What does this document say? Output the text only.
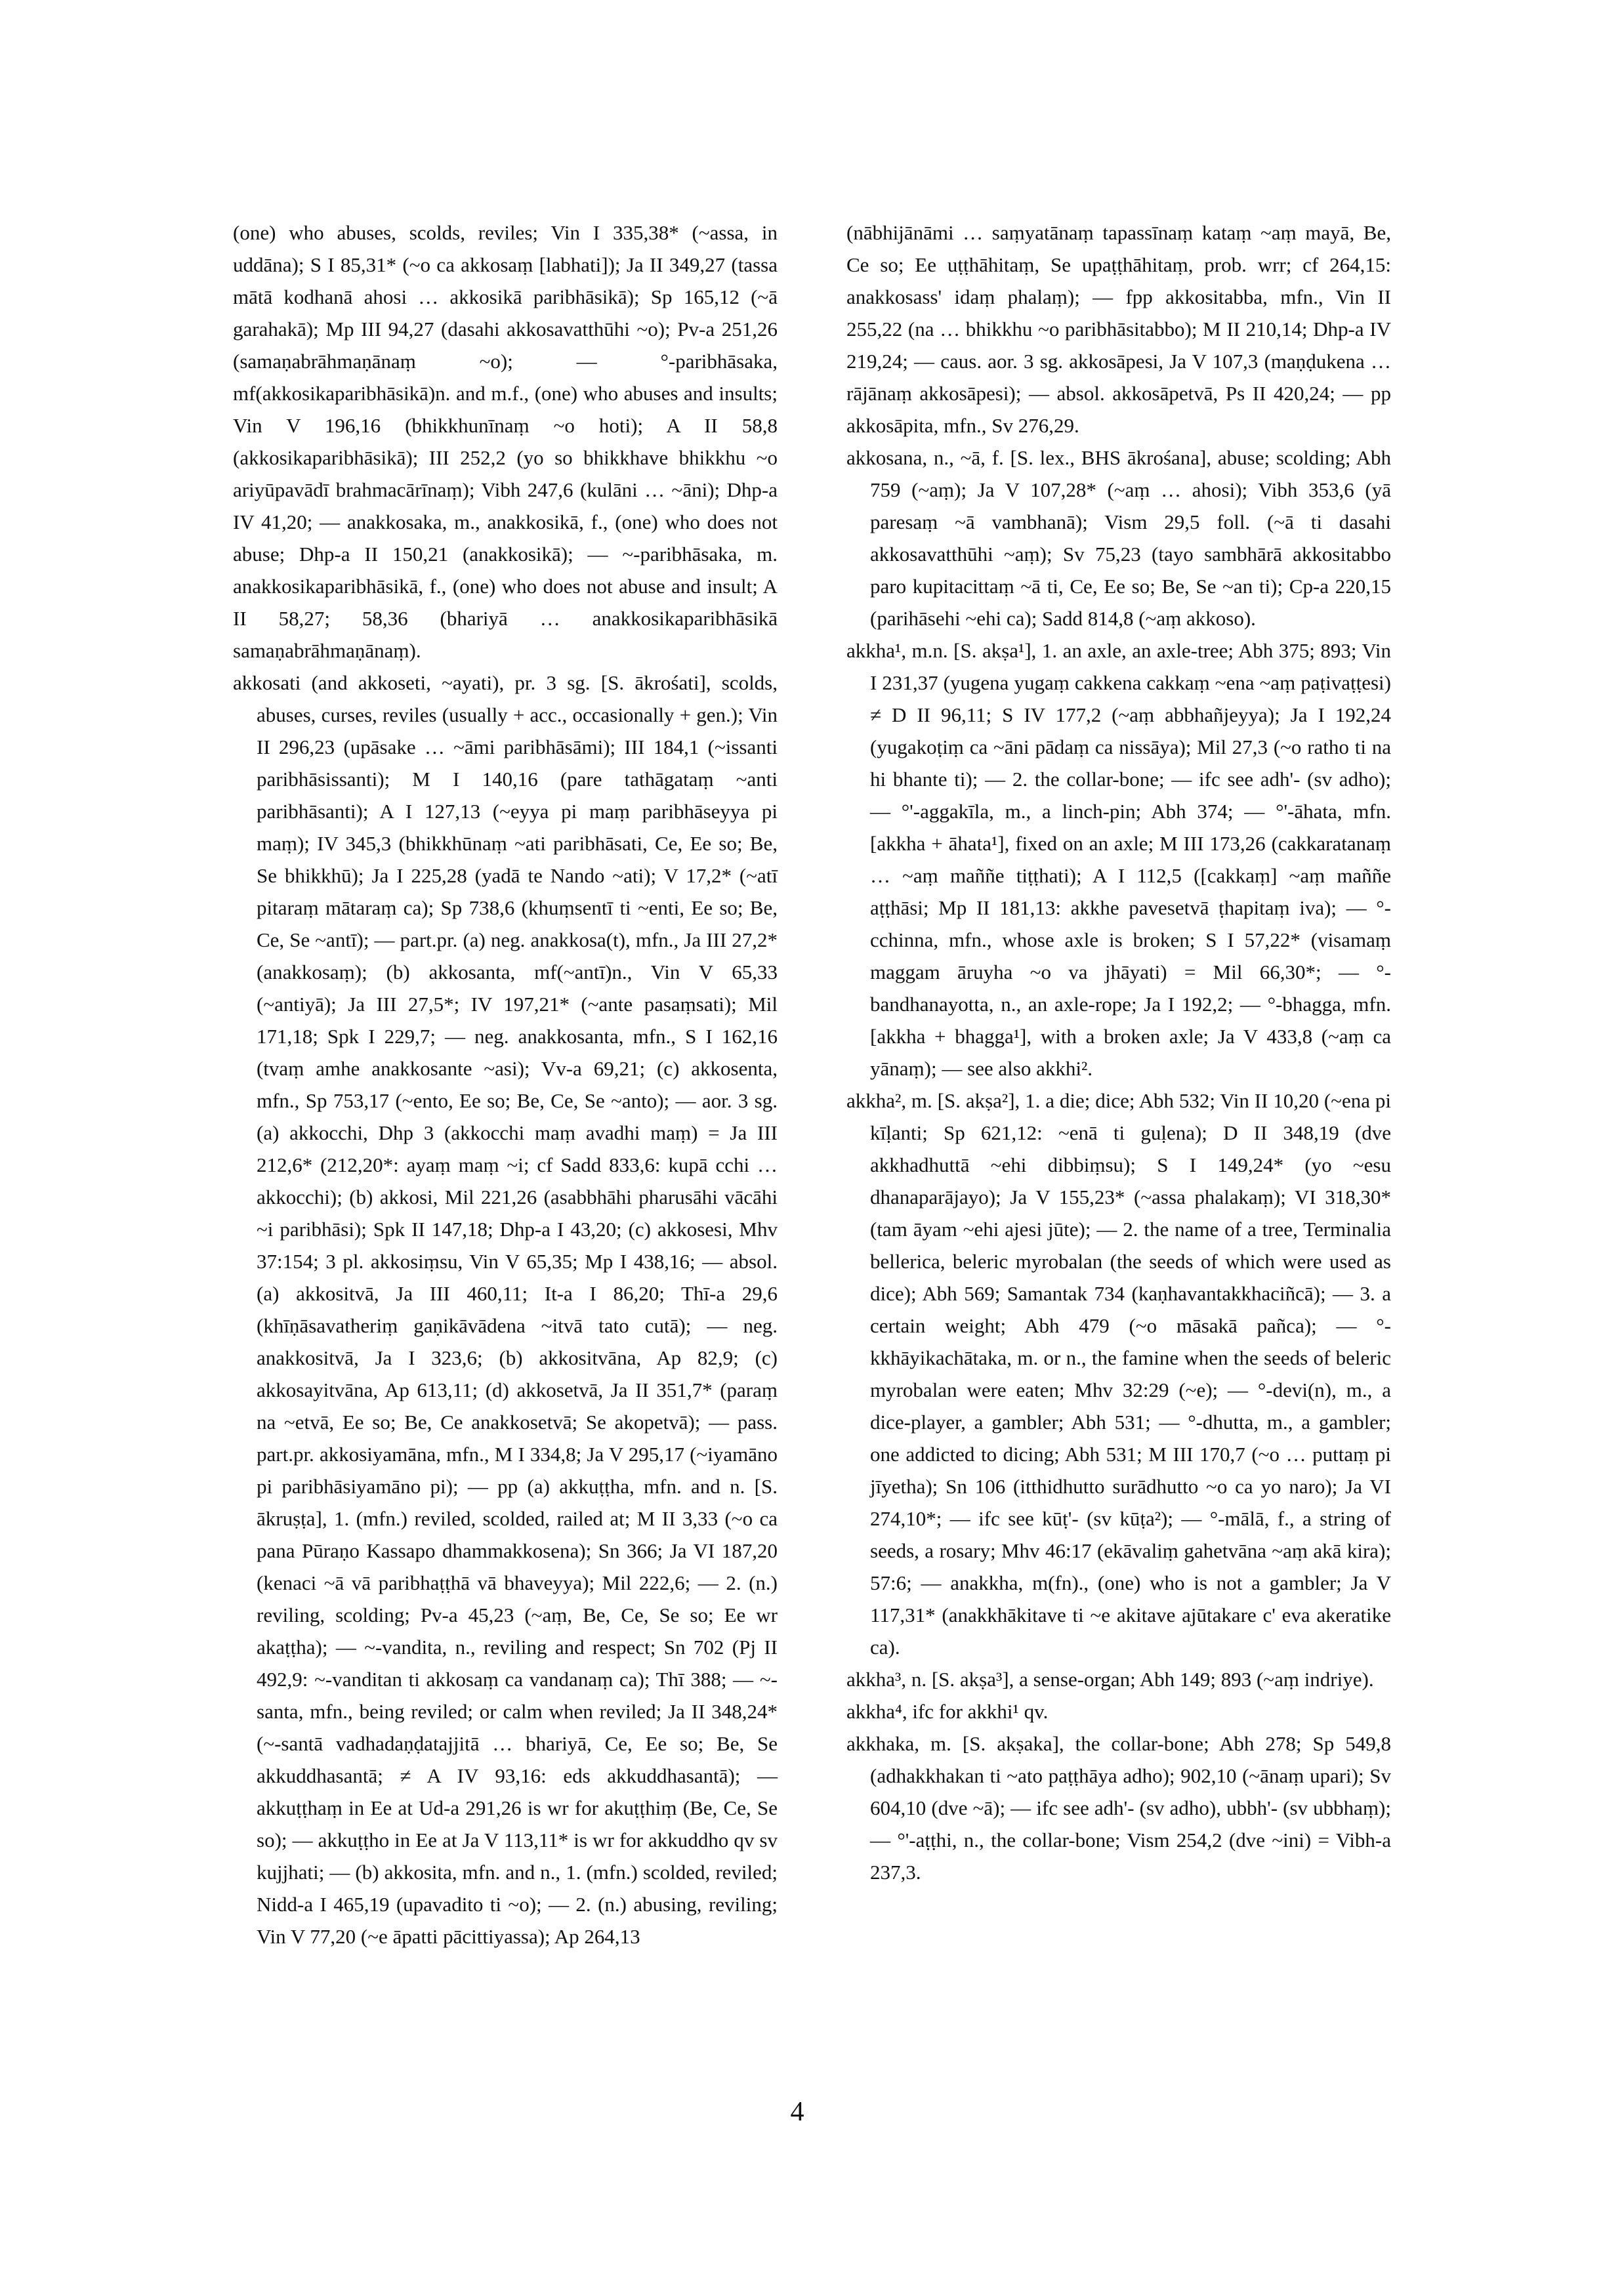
(one) who abuses, scolds, reviles; Vin I 335,38* (~assa, in uddāna); S I 85,31* (~o ca akkosaṃ [labhati]); Ja II 349,27 (tassa mātā kodhanā ahosi … akkosikā paribhāsikā); Sp 165,12 (~ā garahakā); Mp III 94,27 (dasahi akkosavatthūhi ~o); Pv-a 251,26 (samaṇabrāhmaṇānaṃ ~o); — °-paribhāsaka, mf(akkosikaparibhāsikā)n. and m.f., (one) who abuses and insults; Vin V 196,16 (bhikkhunīnaṃ ~o hoti); A II 58,8 (akkosikaparibhāsikā); III 252,2 (yo so bhikkhave bhikkhu ~o ariyūpavādī brahmacārīnaṃ); Vibh 247,6 (kulāni … ~āni); Dhp-a IV 41,20; — anakkosaka, m., anakkosikā, f., (one) who does not abuse; Dhp-a II 150,21 (anakkosikā); — ~-paribhāsaka, m. anakkosikaparibhāsikā, f., (one) who does not abuse and insult; A II 58,27; 58,36 (bhariyā … anakkosikaparibhāsikā samaṇabrāhmaṇānaṃ).

akkosati (and akkoseti, ~ayati), pr. 3 sg. [S. ākrośati], scolds, abuses, curses, reviles (usually + acc., occasionally + gen.); Vin II 296,23 (upāsake … ~āmi paribhāsāmi); III 184,1 (~issanti paribhāsissanti); M I 140,16 (pare tathāgataṃ ~anti paribhāsanti); A I 127,13 (~eyya pi maṃ paribhāseyya pi maṃ); IV 345,3 (bhikkhūnaṃ ~ati paribhāsati, Ce, Ee so; Be, Se bhikkhū); Ja I 225,28 (yadā te Nando ~ati); V 17,2* (~atī pitaraṃ mātaraṃ ca); Sp 738,6 (khuṃsentī ti ~enti, Ee so; Be, Ce, Se ~antī); — part.pr. (a) neg. anakkosa(t), mfn., Ja III 27,2* (anakkosaṃ); (b) akkosanta, mf(~antī)n., Vin V 65,33 (~antiyā); Ja III 27,5*; IV 197,21* (~ante pasaṃsati); Mil 171,18; Spk I 229,7; — neg. anakkosanta, mfn., S I 162,16 (tvaṃ amhe anakkosante ~asi); Vv-a 69,21; (c) akkosenta, mfn., Sp 753,17 (~ento, Ee so; Be, Ce, Se ~anto); — aor. 3 sg. (a) akkocchi, Dhp 3 (akkocchi maṃ avadhi maṃ) = Ja III 212,6* (212,20*: ayaṃ maṃ ~i; cf Sadd 833,6: kupā cchi … akkocchi); (b) akkosi, Mil 221,26 (asabbhāhi pharusāhi vācāhi ~i paribhāsi); Spk II 147,18; Dhp-a I 43,20; (c) akkosesi, Mhv 37:154; 3 pl. akkosiṃsu, Vin V 65,35; Mp I 438,16; — absol. (a) akkositvā, Ja III 460,11; It-a I 86,20; Thī-a 29,6 (khīṇāsavatheriṃ gaṇikāvādena ~itvā tato cutā); — neg. anakkositvā, Ja I 323,6; (b) akkositvāna, Ap 82,9; (c) akkosayitvāna, Ap 613,11; (d) akkosetvā, Ja II 351,7* (paraṃ na ~etvā, Ee so; Be, Ce anakkosetvā; Se akopetvā); — pass. part.pr. akkosiyamāna, mfn., M I 334,8; Ja V 295,17 (~iyamāno pi paribhāsiyamāno pi); — pp (a) akkuṭṭha, mfn. and n. [S. ākruṣṭa], 1. (mfn.) reviled, scolded, railed at; M II 3,33 (~o ca pana Pūraṇo Kassapo dhammakkosena); Sn 366; Ja VI 187,20 (kenaci ~ā vā paribhaṭṭhā vā bhaveyya); Mil 222,6; — 2. (n.) reviling, scolding; Pv-a 45,23 (~aṃ, Be, Ce, Se so; Ee wr akaṭṭha); — ~-vandita, n., reviling and respect; Sn 702 (Pj II 492,9: ~-vanditan ti akkosaṃ ca vandanaṃ ca); Thī 388; — ~-santa, mfn., being reviled; or calm when reviled; Ja II 348,24* (~-santā vadhadaṇḍatajjitā … bhariyā, Ce, Ee so; Be, Se akkuddhasantā; ≠ A IV 93,16: eds akkuddhasantā); — akkuṭṭhaṃ in Ee at Ud-a 291,26 is wr for akuṭṭhiṃ (Be, Ce, Se so); — akkuṭṭho in Ee at Ja V 113,11* is wr for akkuddho qv sv kujjhati; — (b) akkosita, mfn. and n., 1. (mfn.) scolded, reviled; Nidd-a I 465,19 (upavadito ti ~o); — 2. (n.) abusing, reviling; Vin V 77,20 (~e āpatti pācittiyassa); Ap 264,13

(nābhijānāmi … saṃyatānaṃ tapassīnaṃ kataṃ ~aṃ mayā, Be, Ce so; Ee uṭṭhāhitaṃ, Se upaṭṭhāhitaṃ, prob. wrr; cf 264,15: anakkosass' idaṃ phalaṃ); — fpp akkositabba, mfn., Vin II 255,22 (na … bhikkhu ~o paribhāsitabbo); M II 210,14; Dhp-a IV 219,24; — caus. aor. 3 sg. akkosāpesi, Ja V 107,3 (maṇḍukena … rājānaṃ akkosāpesi); — absol. akkosāpetvā, Ps II 420,24; — pp akkosāpita, mfn., Sv 276,29.

akkosana, n., ~ā, f. [S. lex., BHS ākrośana], abuse; scolding; Abh 759 (~aṃ); Ja V 107,28* (~aṃ … ahosi); Vibh 353,6 (yā paresaṃ ~ā vambhanā); Vism 29,5 foll. (~ā ti dasahi akkosavatthūhi ~aṃ); Sv 75,23 (tayo sambhārā akkositabbo paro kupitacittaṃ ~ā ti, Ce, Ee so; Be, Se ~an ti); Cp-a 220,15 (parihāsehi ~ehi ca); Sadd 814,8 (~aṃ akkoso).

akkha¹, m.n. [S. akṣa¹], 1. an axle, an axle-tree; Abh 375; 893; Vin I 231,37 (yugena yugaṃ cakkena cakkaṃ ~ena ~aṃ paṭivaṭṭesi) ≠ D II 96,11; S IV 177,2 (~aṃ abbhañjeyya); Ja I 192,24 (yugakoṭiṃ ca ~āni pādaṃ ca nissāya); Mil 27,3 (~o ratho ti na hi bhante ti); — 2. the collar-bone; — ifc see adh'- (sv adho); — °'-aggakīla, m., a linch-pin; Abh 374; — °'-āhata, mfn. [akkha + āhata¹], fixed on an axle; M III 173,26 (cakkaratanaṃ … ~aṃ maññe tiṭṭhati); A I 112,5 ([cakkaṃ] ~aṃ maññe aṭṭhāsi; Mp II 181,13: akkhe pavesetvā ṭhapitaṃ iva); — °-cchinna, mfn., whose axle is broken; S I 57,22* (visamaṃ maggam āruyha ~o va jhāyati) = Mil 66,30*; — °-bandhanayotta, n., an axle-rope; Ja I 192,2; — °-bhagga, mfn. [akkha + bhagga¹], with a broken axle; Ja V 433,8 (~aṃ ca yānaṃ); — see also akkhi².

akkha², m. [S. akṣa²], 1. a die; dice; Abh 532; Vin II 10,20 (~ena pi kīḷanti; Sp 621,12: ~enā ti guḷena); D II 348,19 (dve akkhadhuttā ~ehi dibbiṃsu); S I 149,24* (yo ~esu dhanaparājayo); Ja V 155,23* (~assa phalakaṃ); VI 318,30* (tam āyam ~ehi ajesi jūte); — 2. the name of a tree, Terminalia bellerica, beleric myrobalan (the seeds of which were used as dice); Abh 569; Samantak 734 (kaṇhavantakkhaciñcā); — 3. a certain weight; Abh 479 (~o māsakā pañca); — °-kkhāyikachātaka, m. or n., the famine when the seeds of beleric myrobalan were eaten; Mhv 32:29 (~e); — °-devi(n), m., a dice-player, a gambler; Abh 531; — °-dhutta, m., a gambler; one addicted to dicing; Abh 531; M III 170,7 (~o … puttaṃ pi jīyetha); Sn 106 (itthidhutto surādhutto ~o ca yo naro); Ja VI 274,10*; — ifc see kūṭ'- (sv kūṭa²); — °-mālā, f., a string of seeds, a rosary; Mhv 46:17 (ekāvaliṃ gahetvāna ~aṃ akā kira); 57:6; — anakkha, m(fn)., (one) who is not a gambler; Ja V 117,31* (anakkhākitave ti ~e akitave ajūtakare c' eva akeratike ca).

akkha³, n. [S. akṣa³], a sense-organ; Abh 149; 893 (~aṃ indriye).

akkha⁴, ifc for akkhi¹ qv.

akkhaka, m. [S. akṣaka], the collar-bone; Abh 278; Sp 549,8 (adhakkhakan ti ~ato paṭṭhāya adho); 902,10 (~ānaṃ upari); Sv 604,10 (dve ~ā); — ifc see adh'- (sv adho), ubbh'- (sv ubbhaṃ); — °'-aṭṭhi, n., the collar-bone; Vism 254,2 (dve ~ini) = Vibh-a 237,3.

4
